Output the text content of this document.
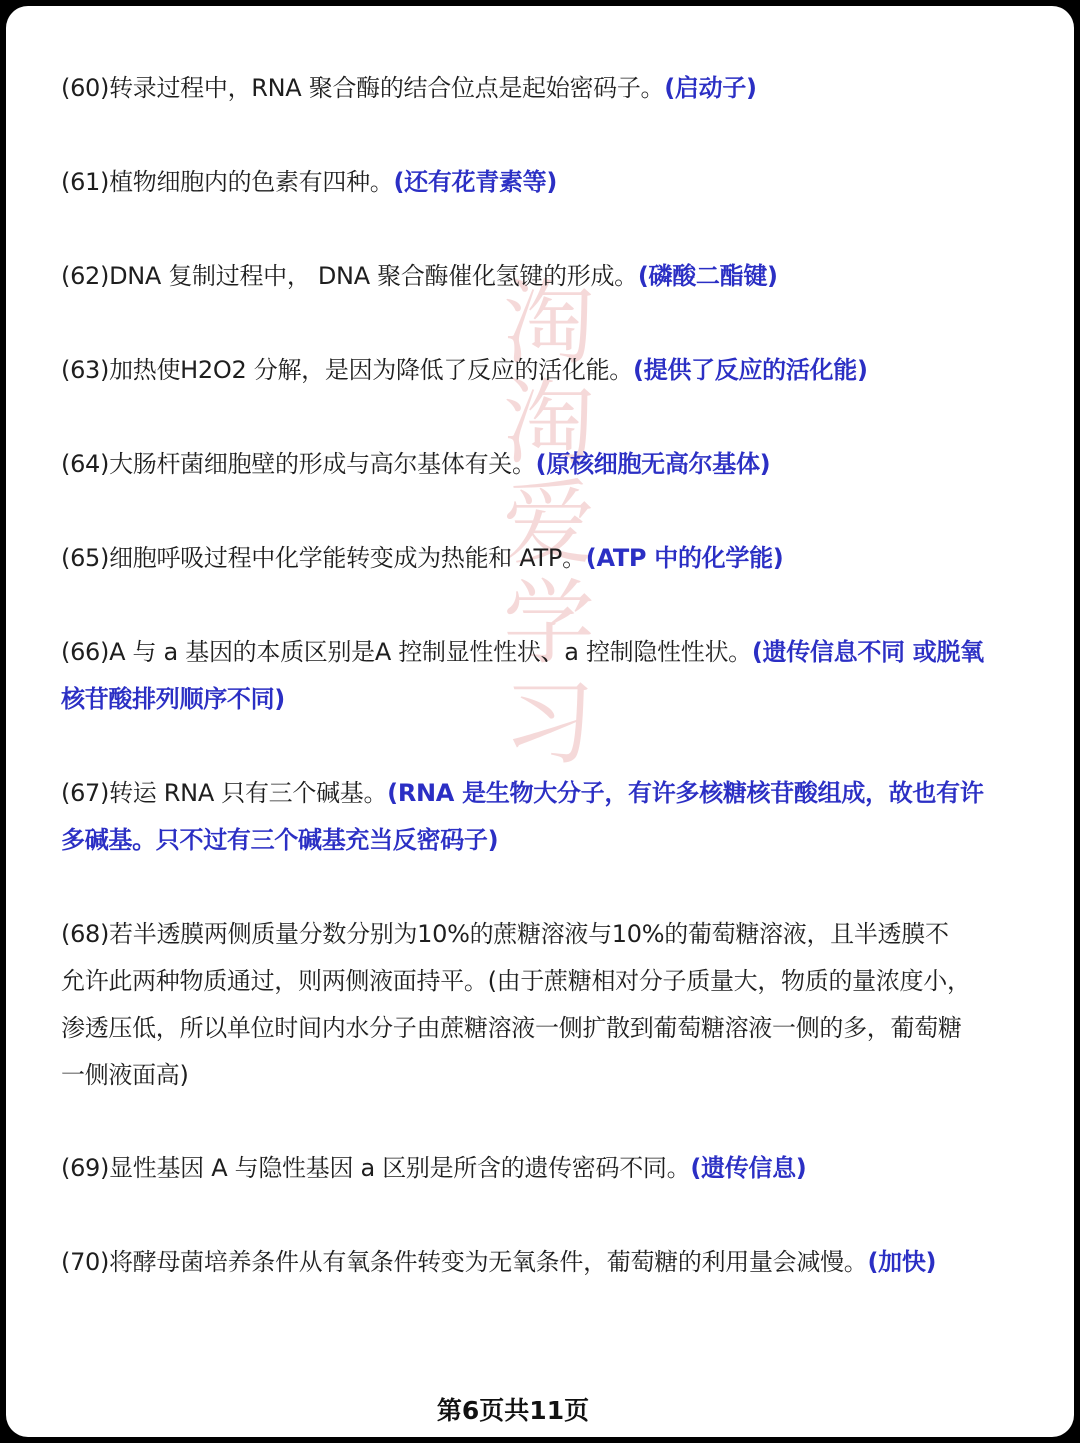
淘
淘
爱
学
习
(60)转录过程中，RNA 聚合酶的结合位点是起始密码子。(启动子)
(61)植物细胞内的色素有四种。(还有花青素等)
(62)DNA 复制过程中， DNA 聚合酶催化氢键的形成。(磷酸二酯键)
(63)加热使H2O2 分解，是因为降低了反应的活化能。(提供了反应的活化能)
(64)大肠杆菌细胞壁的形成与高尔基体有关。(原核细胞无高尔基体)
(65)细胞呼吸过程中化学能转变成为热能和 ATP。(ATP 中的化学能)
(66)A 与 a 基因的本质区别是A 控制显性性状、a 控制隐性性状。(遗传信息不同 或脱氧核苷酸排列顺序不同)
(67)转运 RNA 只有三个碱基。(RNA 是生物大分子，有许多核糖核苷酸组成，故也有许多碱基。只不过有三个碱基充当反密码子)
(68)若半透膜两侧质量分数分别为10%的蔗糖溶液与10%的葡萄糖溶液，且半透膜不允许此两种物质通过，则两侧液面持平。(由于蔗糖相对分子质量大，物质的量浓度小，渗透压低，所以单位时间内水分子由蔗糖溶液一侧扩散到葡萄糖溶液一侧的多，葡萄糖一侧液面高)
(69)显性基因 A 与隐性基因 a 区别是所含的遗传密码不同。(遗传信息)
(70)将酵母菌培养条件从有氧条件转变为无氧条件，葡萄糖的利用量会减慢。(加快)
第6页共11页
